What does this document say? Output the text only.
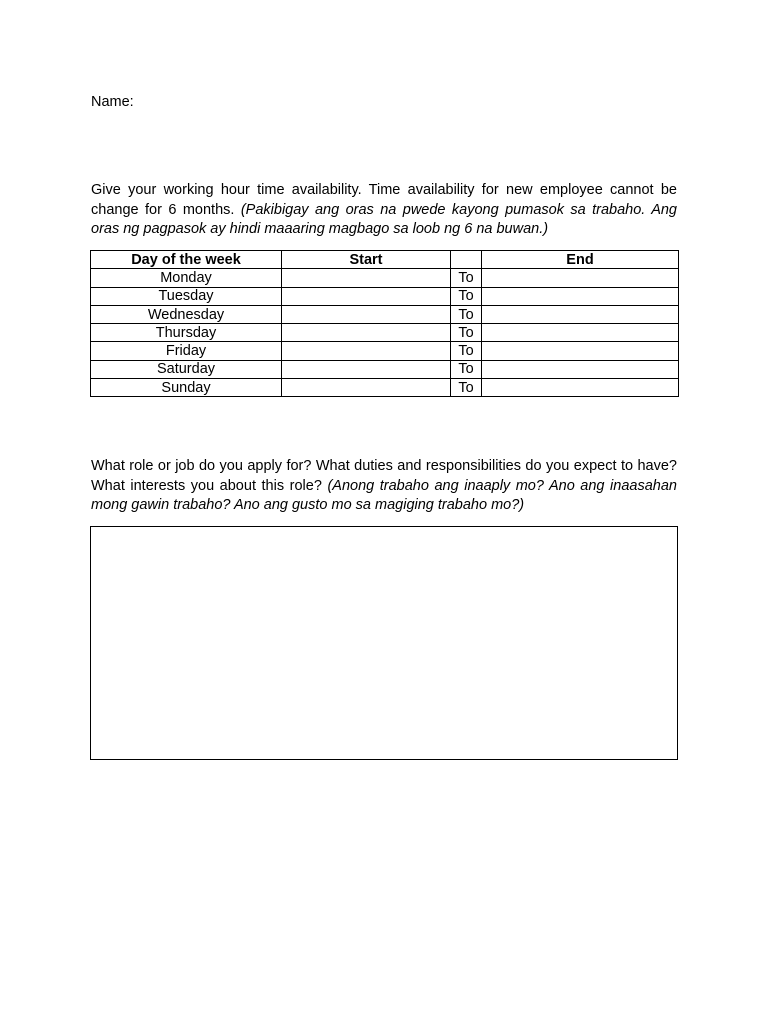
Name:
Give your working hour time availability. Time availability for new employee cannot be change for 6 months. (Pakibigay ang oras na pwede kayong pumasok sa trabaho. Ang oras ng pagpasok ay hindi maaaring magbago sa loob ng 6 na buwan.)
Day of the week	Start		End
Monday		To	
Tuesday		To	
Wednesday		To	
Thursday		To	
Friday		To	
Saturday		To	
Sunday		To	
What role or job do you apply for? What duties and responsibilities do you expect to have? What interests you about this role? (Anong trabaho ang inaaply mo? Ano ang inaasahan mong gawin trabaho? Ano ang gusto mo sa magiging trabaho mo?)
